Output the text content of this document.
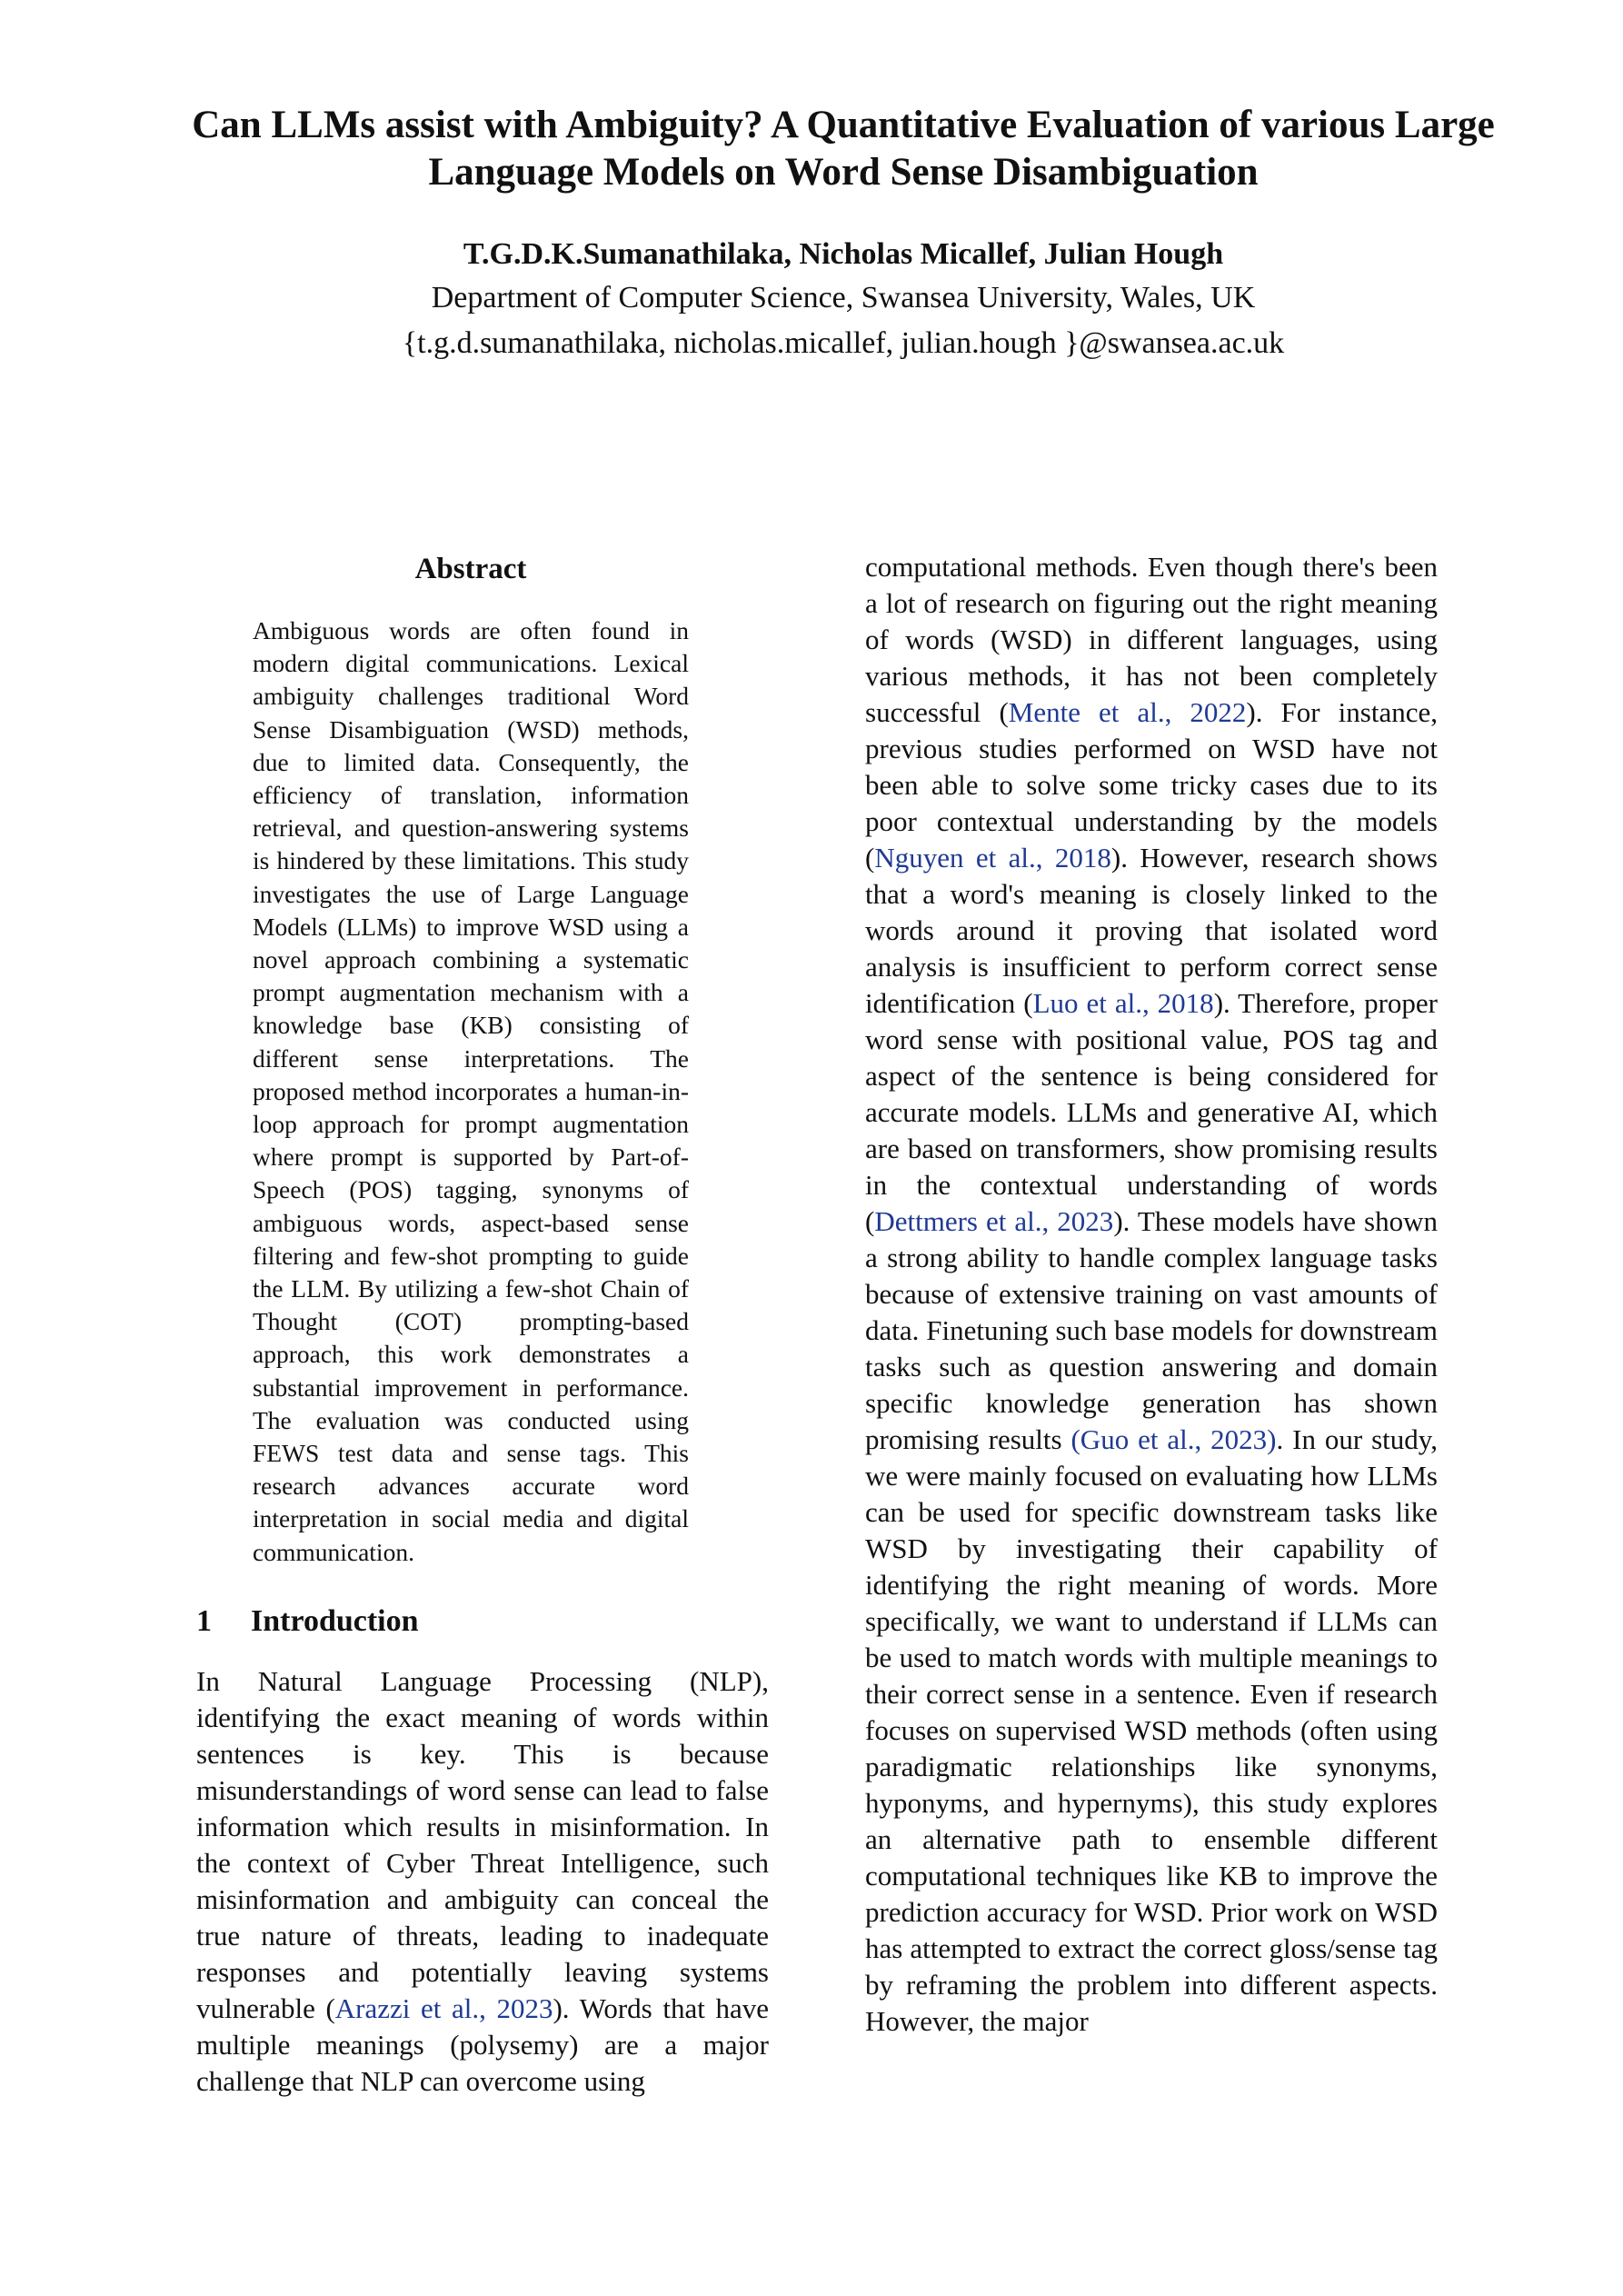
Can LLMs assist with Ambiguity? A Quantitative Evaluation of various Large Language Models on Word Sense Disambiguation
T.G.D.K.Sumanathilaka, Nicholas Micallef, Julian Hough
Department of Computer Science, Swansea University, Wales, UK
{t.g.d.sumanathilaka, nicholas.micallef, julian.hough }@swansea.ac.uk
Abstract

Ambiguous words are often found in modern digital communications. Lexical ambiguity challenges traditional Word Sense Disambiguation (WSD) methods, due to limited data. Consequently, the efficiency of translation, information retrieval, and question-answering systems is hindered by these limitations. This study investigates the use of Large Language Models (LLMs) to improve WSD using a novel approach combining a systematic prompt augmentation mechanism with a knowledge base (KB) consisting of different sense interpretations. The proposed method incorporates a human-in-loop approach for prompt augmentation where prompt is supported by Part-of-Speech (POS) tagging, synonyms of ambiguous words, aspect-based sense filtering and few-shot prompting to guide the LLM. By utilizing a few-shot Chain of Thought (COT) prompting-based approach, this work demonstrates a substantial improvement in performance. The evaluation was conducted using FEWS test data and sense tags. This research advances accurate word interpretation in social media and digital communication.

1 Introduction

In Natural Language Processing (NLP), identifying the exact meaning of words within sentences is key. This is because misunderstandings of word sense can lead to false information which results in misinformation. In the context of Cyber Threat Intelligence, such misinformation and ambiguity can conceal the true nature of threats, leading to inadequate responses and potentially leaving systems vulnerable (Arazzi et al., 2023). Words that have multiple meanings (polysemy) are a major challenge that NLP can overcome using

computational methods. Even though there's been a lot of research on figuring out the right meaning of words (WSD) in different languages, using various methods, it has not been completely successful (Mente et al., 2022). For instance, previous studies performed on WSD have not been able to solve some tricky cases due to its poor contextual understanding by the models (Nguyen et al., 2018). However, research shows that a word's meaning is closely linked to the words around it proving that isolated word analysis is insufficient to perform correct sense identification (Luo et al., 2018). Therefore, proper word sense with positional value, POS tag and aspect of the sentence is being considered for accurate models. LLMs and generative AI, which are based on transformers, show promising results in the contextual understanding of words (Dettmers et al., 2023). These models have shown a strong ability to handle complex language tasks because of extensive training on vast amounts of data. Finetuning such base models for downstream tasks such as question answering and domain specific knowledge generation has shown promising results (Guo et al., 2023). In our study, we were mainly focused on evaluating how LLMs can be used for specific downstream tasks like WSD by investigating their capability of identifying the right meaning of words. More specifically, we want to understand if LLMs can be used to match words with multiple meanings to their correct sense in a sentence. Even if research focuses on supervised WSD methods (often using paradigmatic relationships like synonyms, hyponyms, and hypernyms), this study explores an alternative path to ensemble different computational techniques like KB to improve the prediction accuracy for WSD. Prior work on WSD has attempted to extract the correct gloss/sense tag by reframing the problem into different aspects. However, the major
